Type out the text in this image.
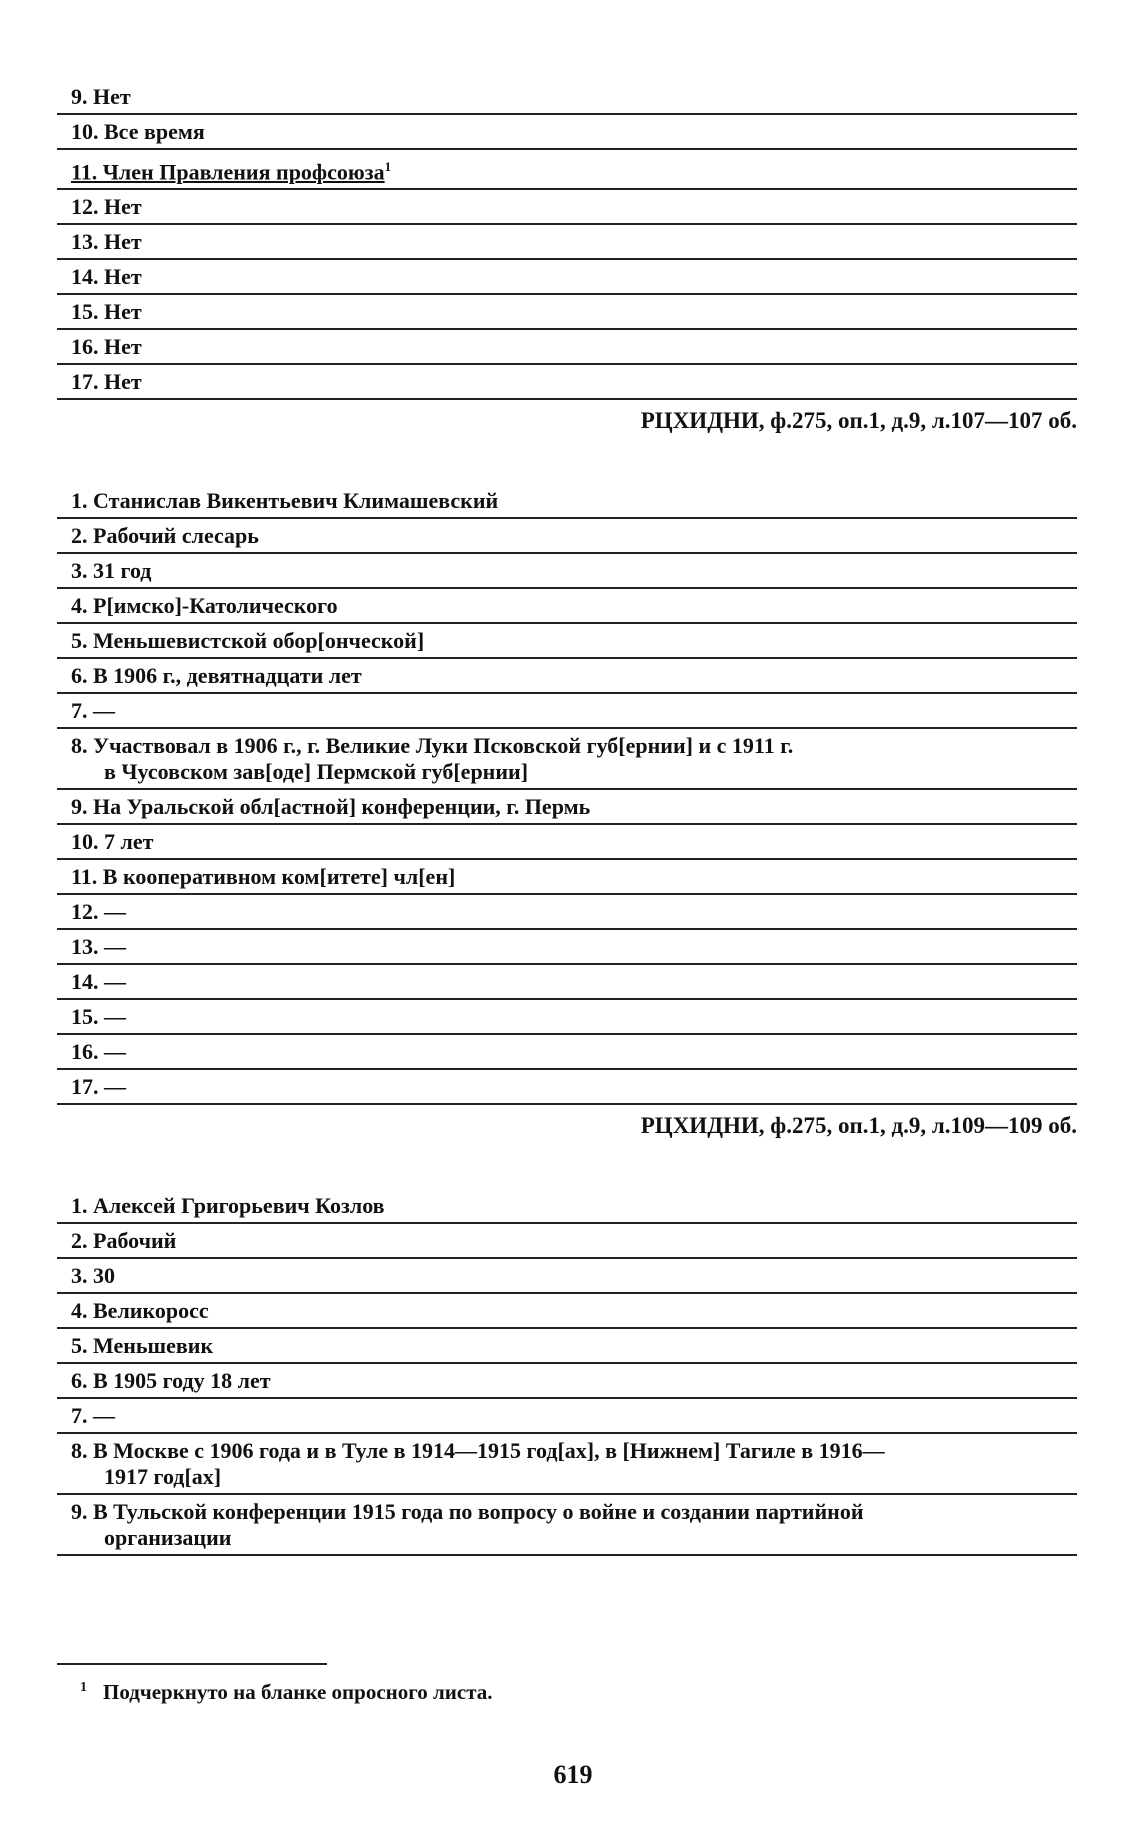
9. Нет
10. Все время
11. Член Правления профсоюза$^1$
12. Нет
13. Нет
14. Нет
15. Нет
16. Нет
17. Нет
РЦХИДНИ, ф.275, оп.1, д.9, л.107—107 об.
1. Станислав Викентьевич Климашевский
2. Рабочий слесарь
3. 31 год
4. Р[имско]-Католического
5. Меньшевистской обор[онческой]
6. В 1906 г., девятнадцати лет
7. —
8. Участвовал в 1906 г., г. Великие Луки Псковской губ[ернии] и с 1911 г.
в Чусовском зав[оде] Пермской губ[ернии]
9. На Уральской обл[астной] конференции, г. Пермь
10. 7 лет
11. В кооперативном ком[итете] чл[ен]
12. —
13. —
14. —
15. —
16. —
17. —
РЦХИДНИ, ф.275, оп.1, д.9, л.109—109 об.
1. Алексей Григорьевич Козлов
2. Рабочий
3. 30
4. Великоросс
5. Меньшевик
6. В 1905 году 18 лет
7. —
8. В Москве с 1906 года и в Туле в 1914—1915 год[ах], в [Нижнем] Тагиле в 1916—
1917 год[ах]
9. В Тульской конференции 1915 года по вопросу о войне и создании партийной
организации
$^1$ Подчеркнуто на бланке опросного листа.
619
